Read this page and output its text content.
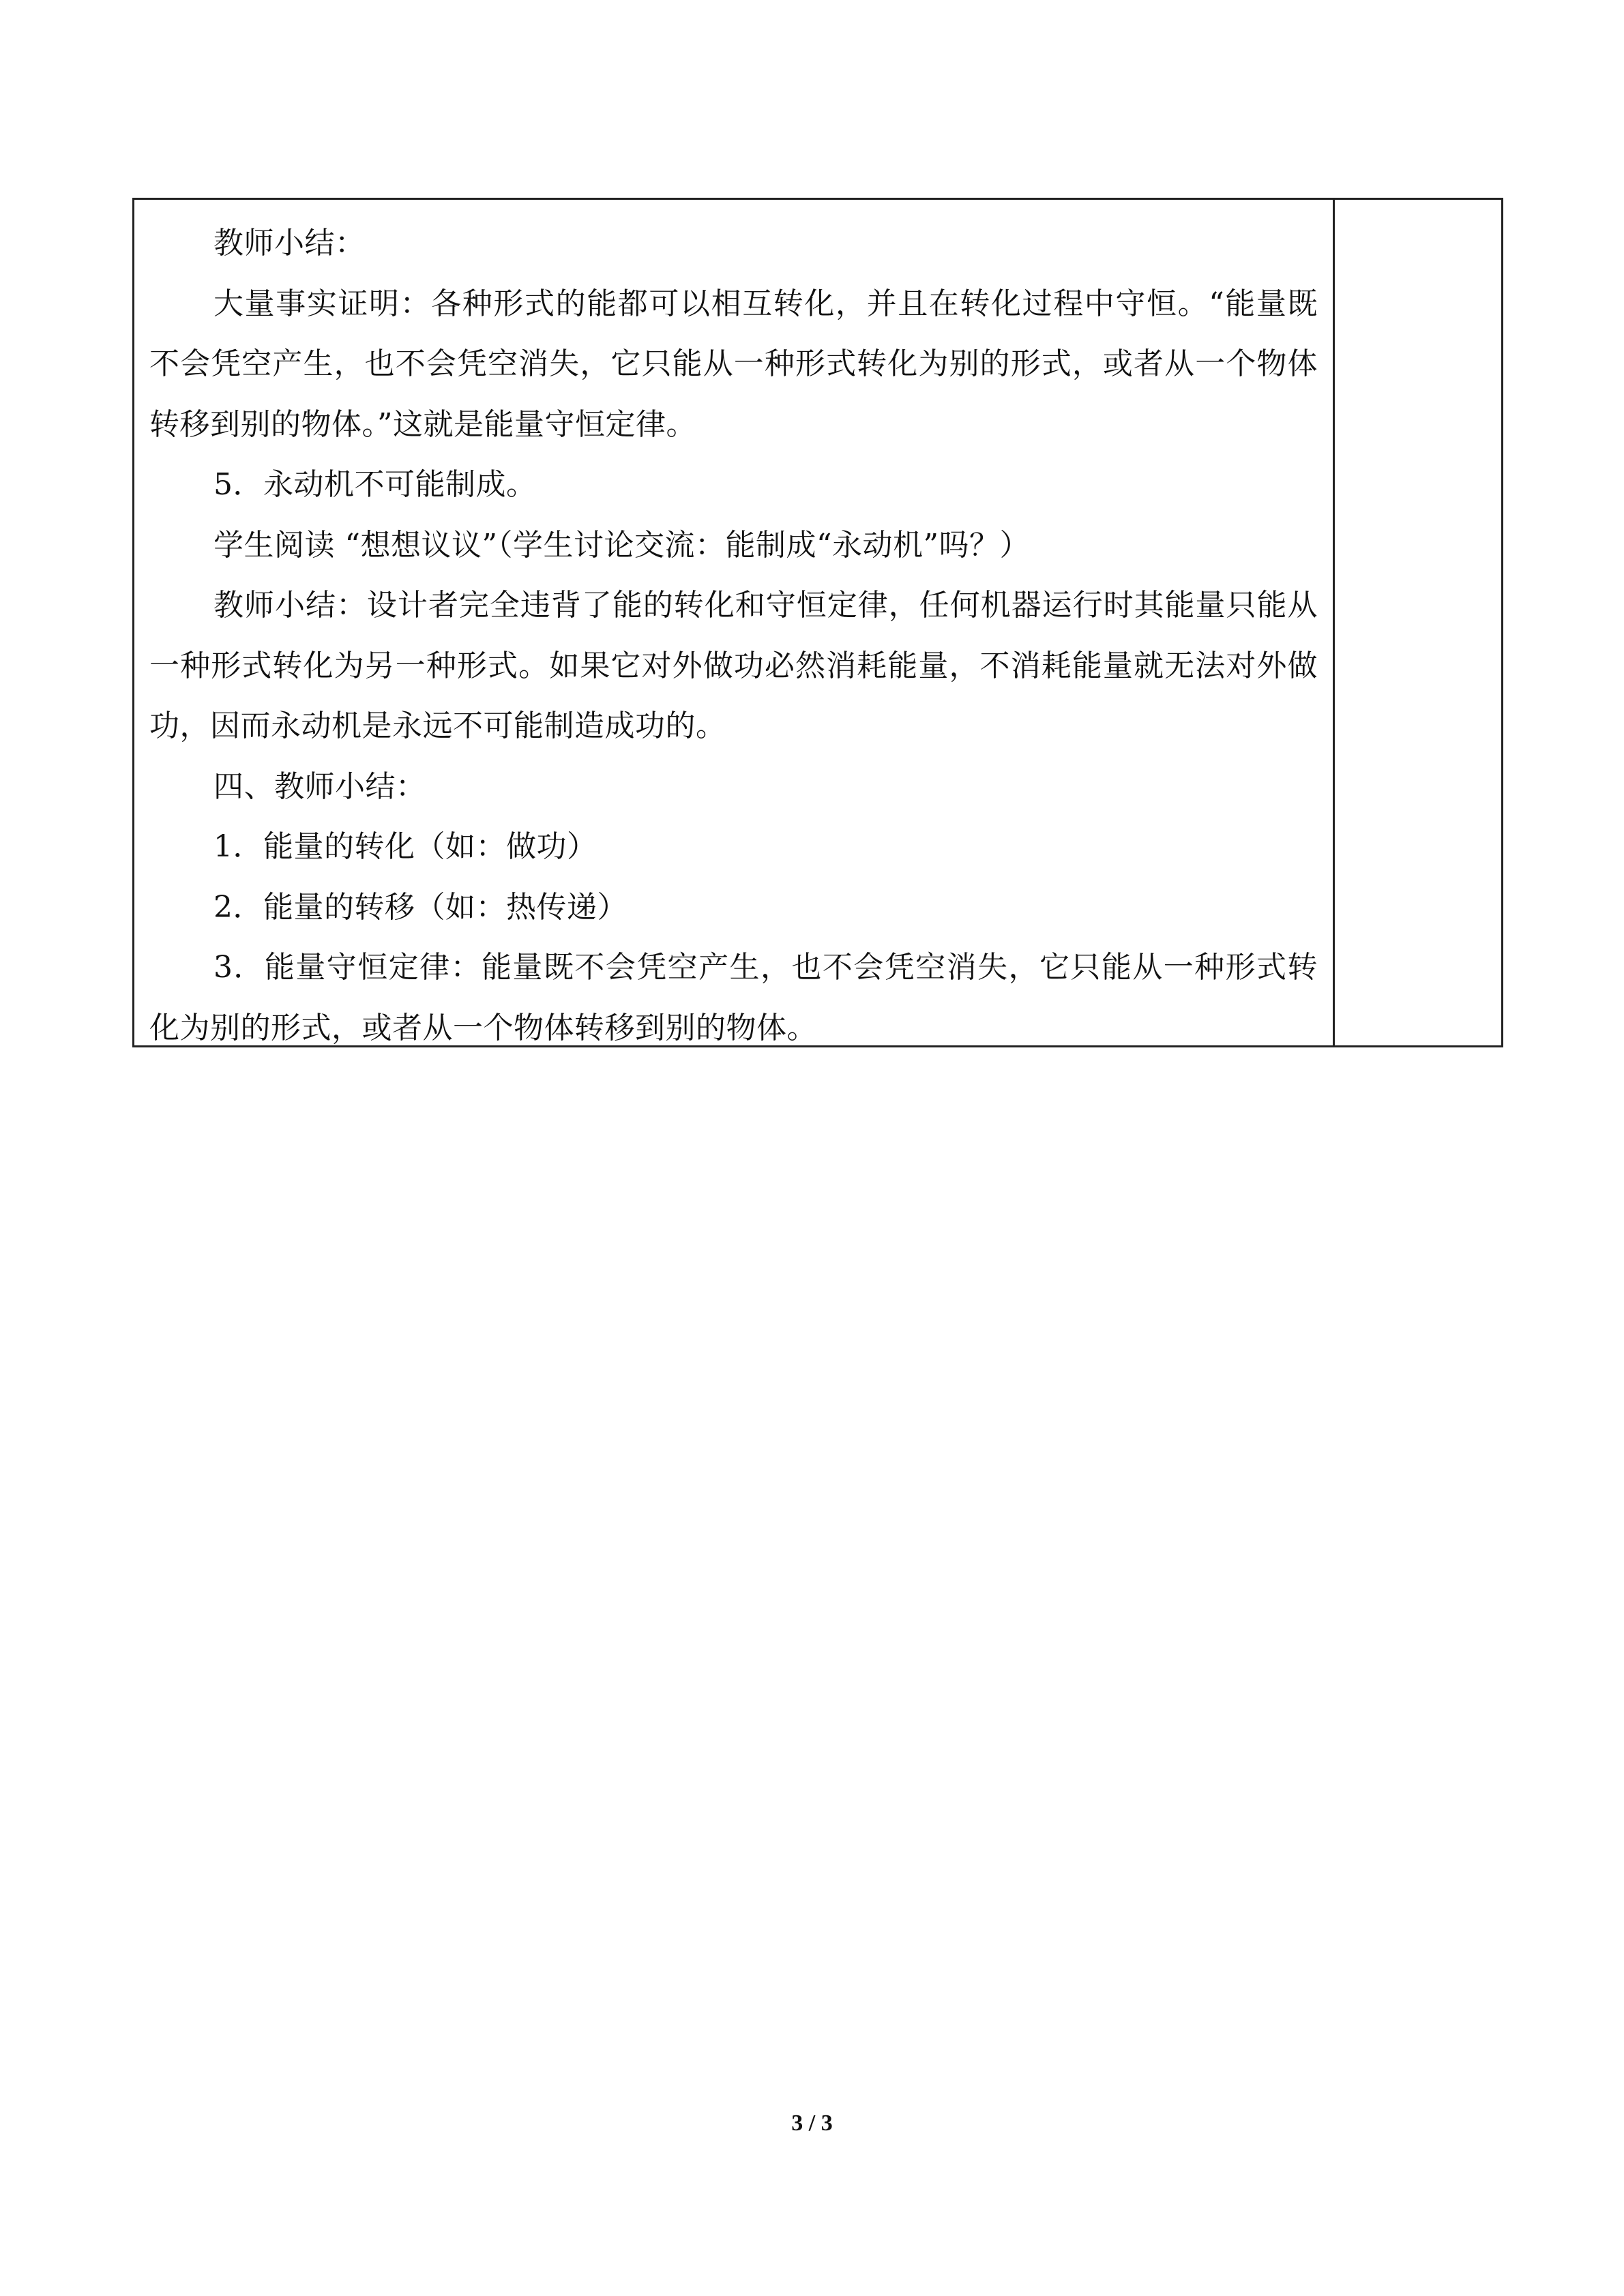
教师小结：

大量事实证明：各种形式的能都可以相互转化，并且在转化过程中守恒。“能量既不会凭空产生，也不会凭空消失，它只能从一种形式转化为别的形式，或者从一个物体转移到别的物体。”这就是能量守恒定律。

5．永动机不可能制成。

学生阅读 “想想议议”（学生讨论交流：能制成“永动机”吗？）

教师小结：设计者完全违背了能的转化和守恒定律，任何机器运行时其能量只能从一种形式转化为另一种形式。如果它对外做功必然消耗能量，不消耗能量就无法对外做功，因而永动机是永远不可能制造成功的。

四、教师小结：

1．能量的转化（如：做功）

2．能量的转移（如：热传递）

3．能量守恒定律：能量既不会凭空产生，也不会凭空消失，它只能从一种形式转化为别的形式，或者从一个物体转移到别的物体。

3 / 3
